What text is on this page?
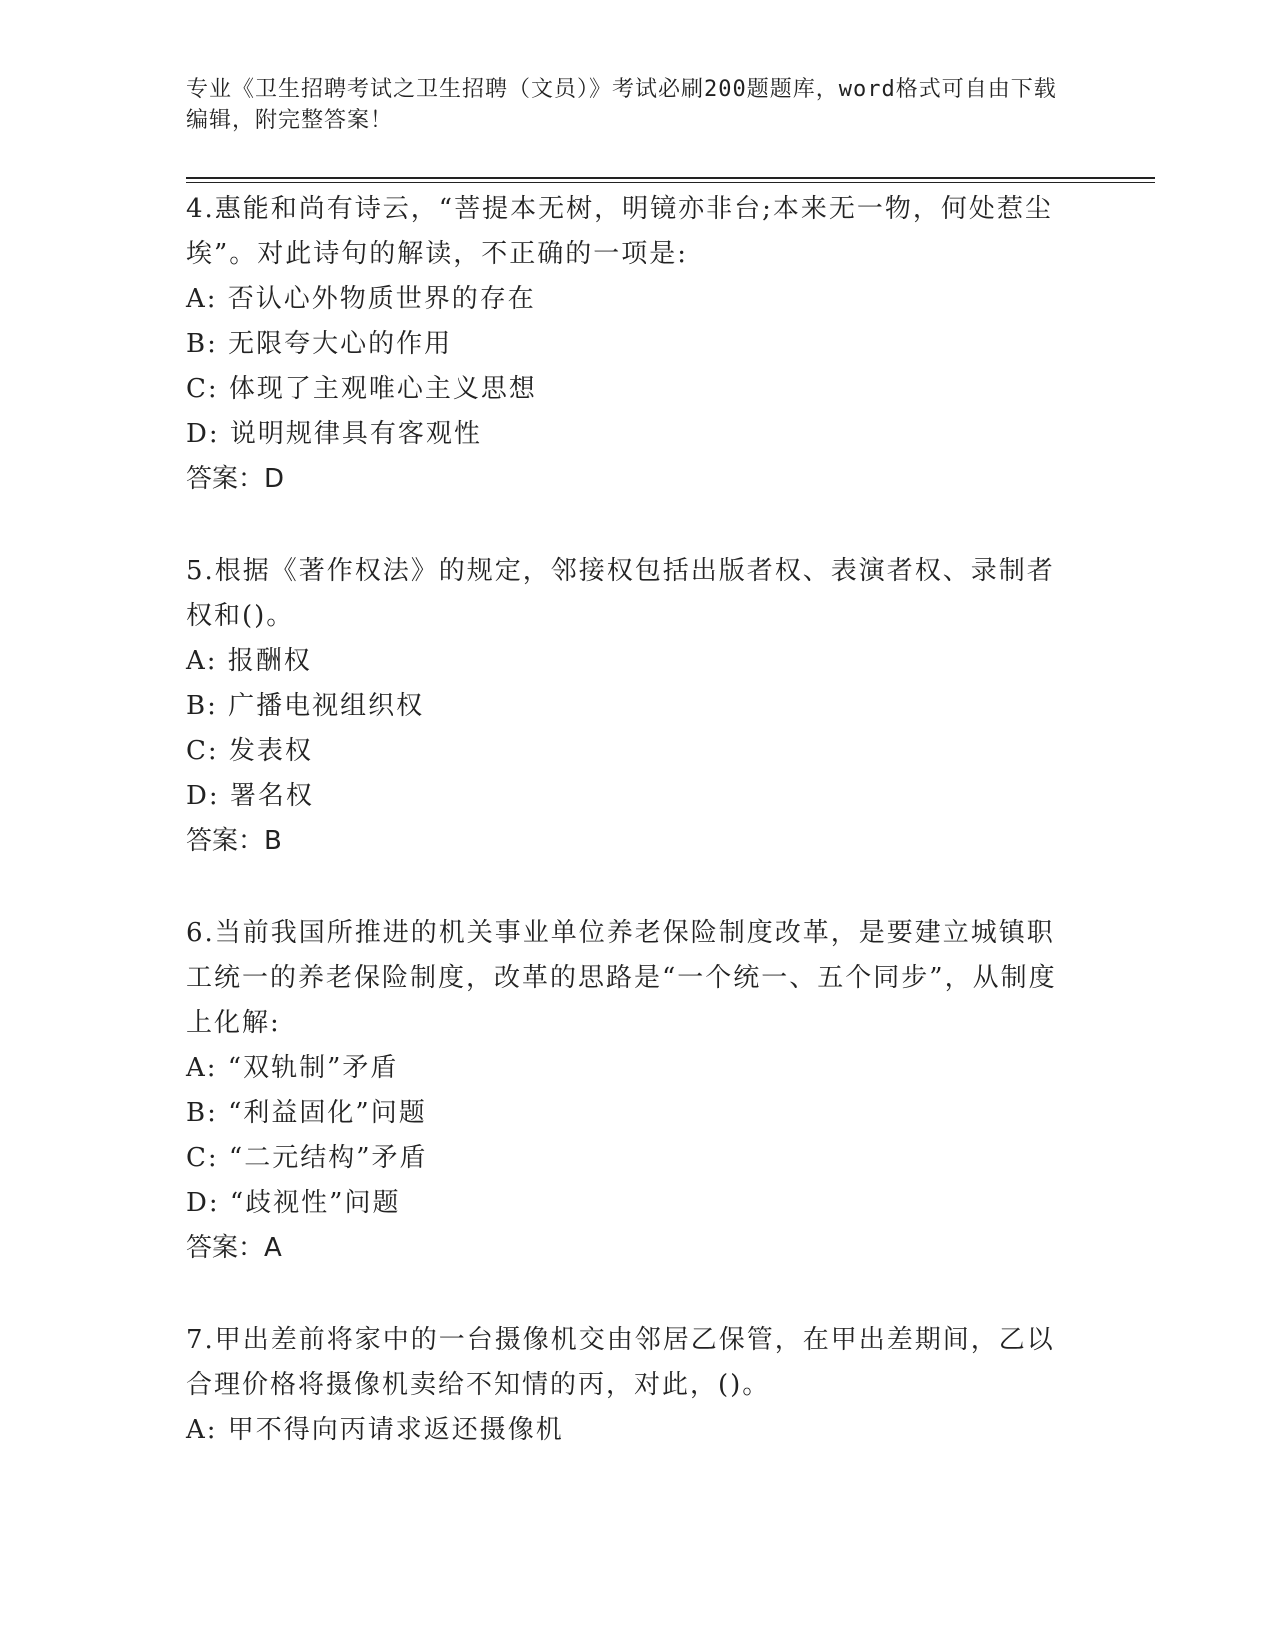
专业《卫生招聘考试之卫生招聘（文员）》考试必刷200题题库，word格式可自由下载编辑，附完整答案！

4.惠能和尚有诗云，“菩提本无树，明镜亦非台;本来无一物，何处惹尘埃”。对此诗句的解读，不正确的一项是:

A: 否认心外物质世界的存在

B: 无限夸大心的作用

C: 体现了主观唯心主义思想

D: 说明规律具有客观性

答案：D

5.根据《著作权法》的规定，邻接权包括出版者权、表演者权、录制者权和()。

A: 报酬权

B: 广播电视组织权

C: 发表权

D: 署名权

答案：B

6.当前我国所推进的机关事业单位养老保险制度改革，是要建立城镇职工统一的养老保险制度，改革的思路是“一个统一、五个同步”，从制度上化解:

A: “双轨制”矛盾

B: “利益固化”问题

C: “二元结构”矛盾

D: “歧视性”问题

答案：A

7.甲出差前将家中的一台摄像机交由邻居乙保管，在甲出差期间，乙以合理价格将摄像机卖给不知情的丙，对此，()。

A: 甲不得向丙请求返还摄像机
